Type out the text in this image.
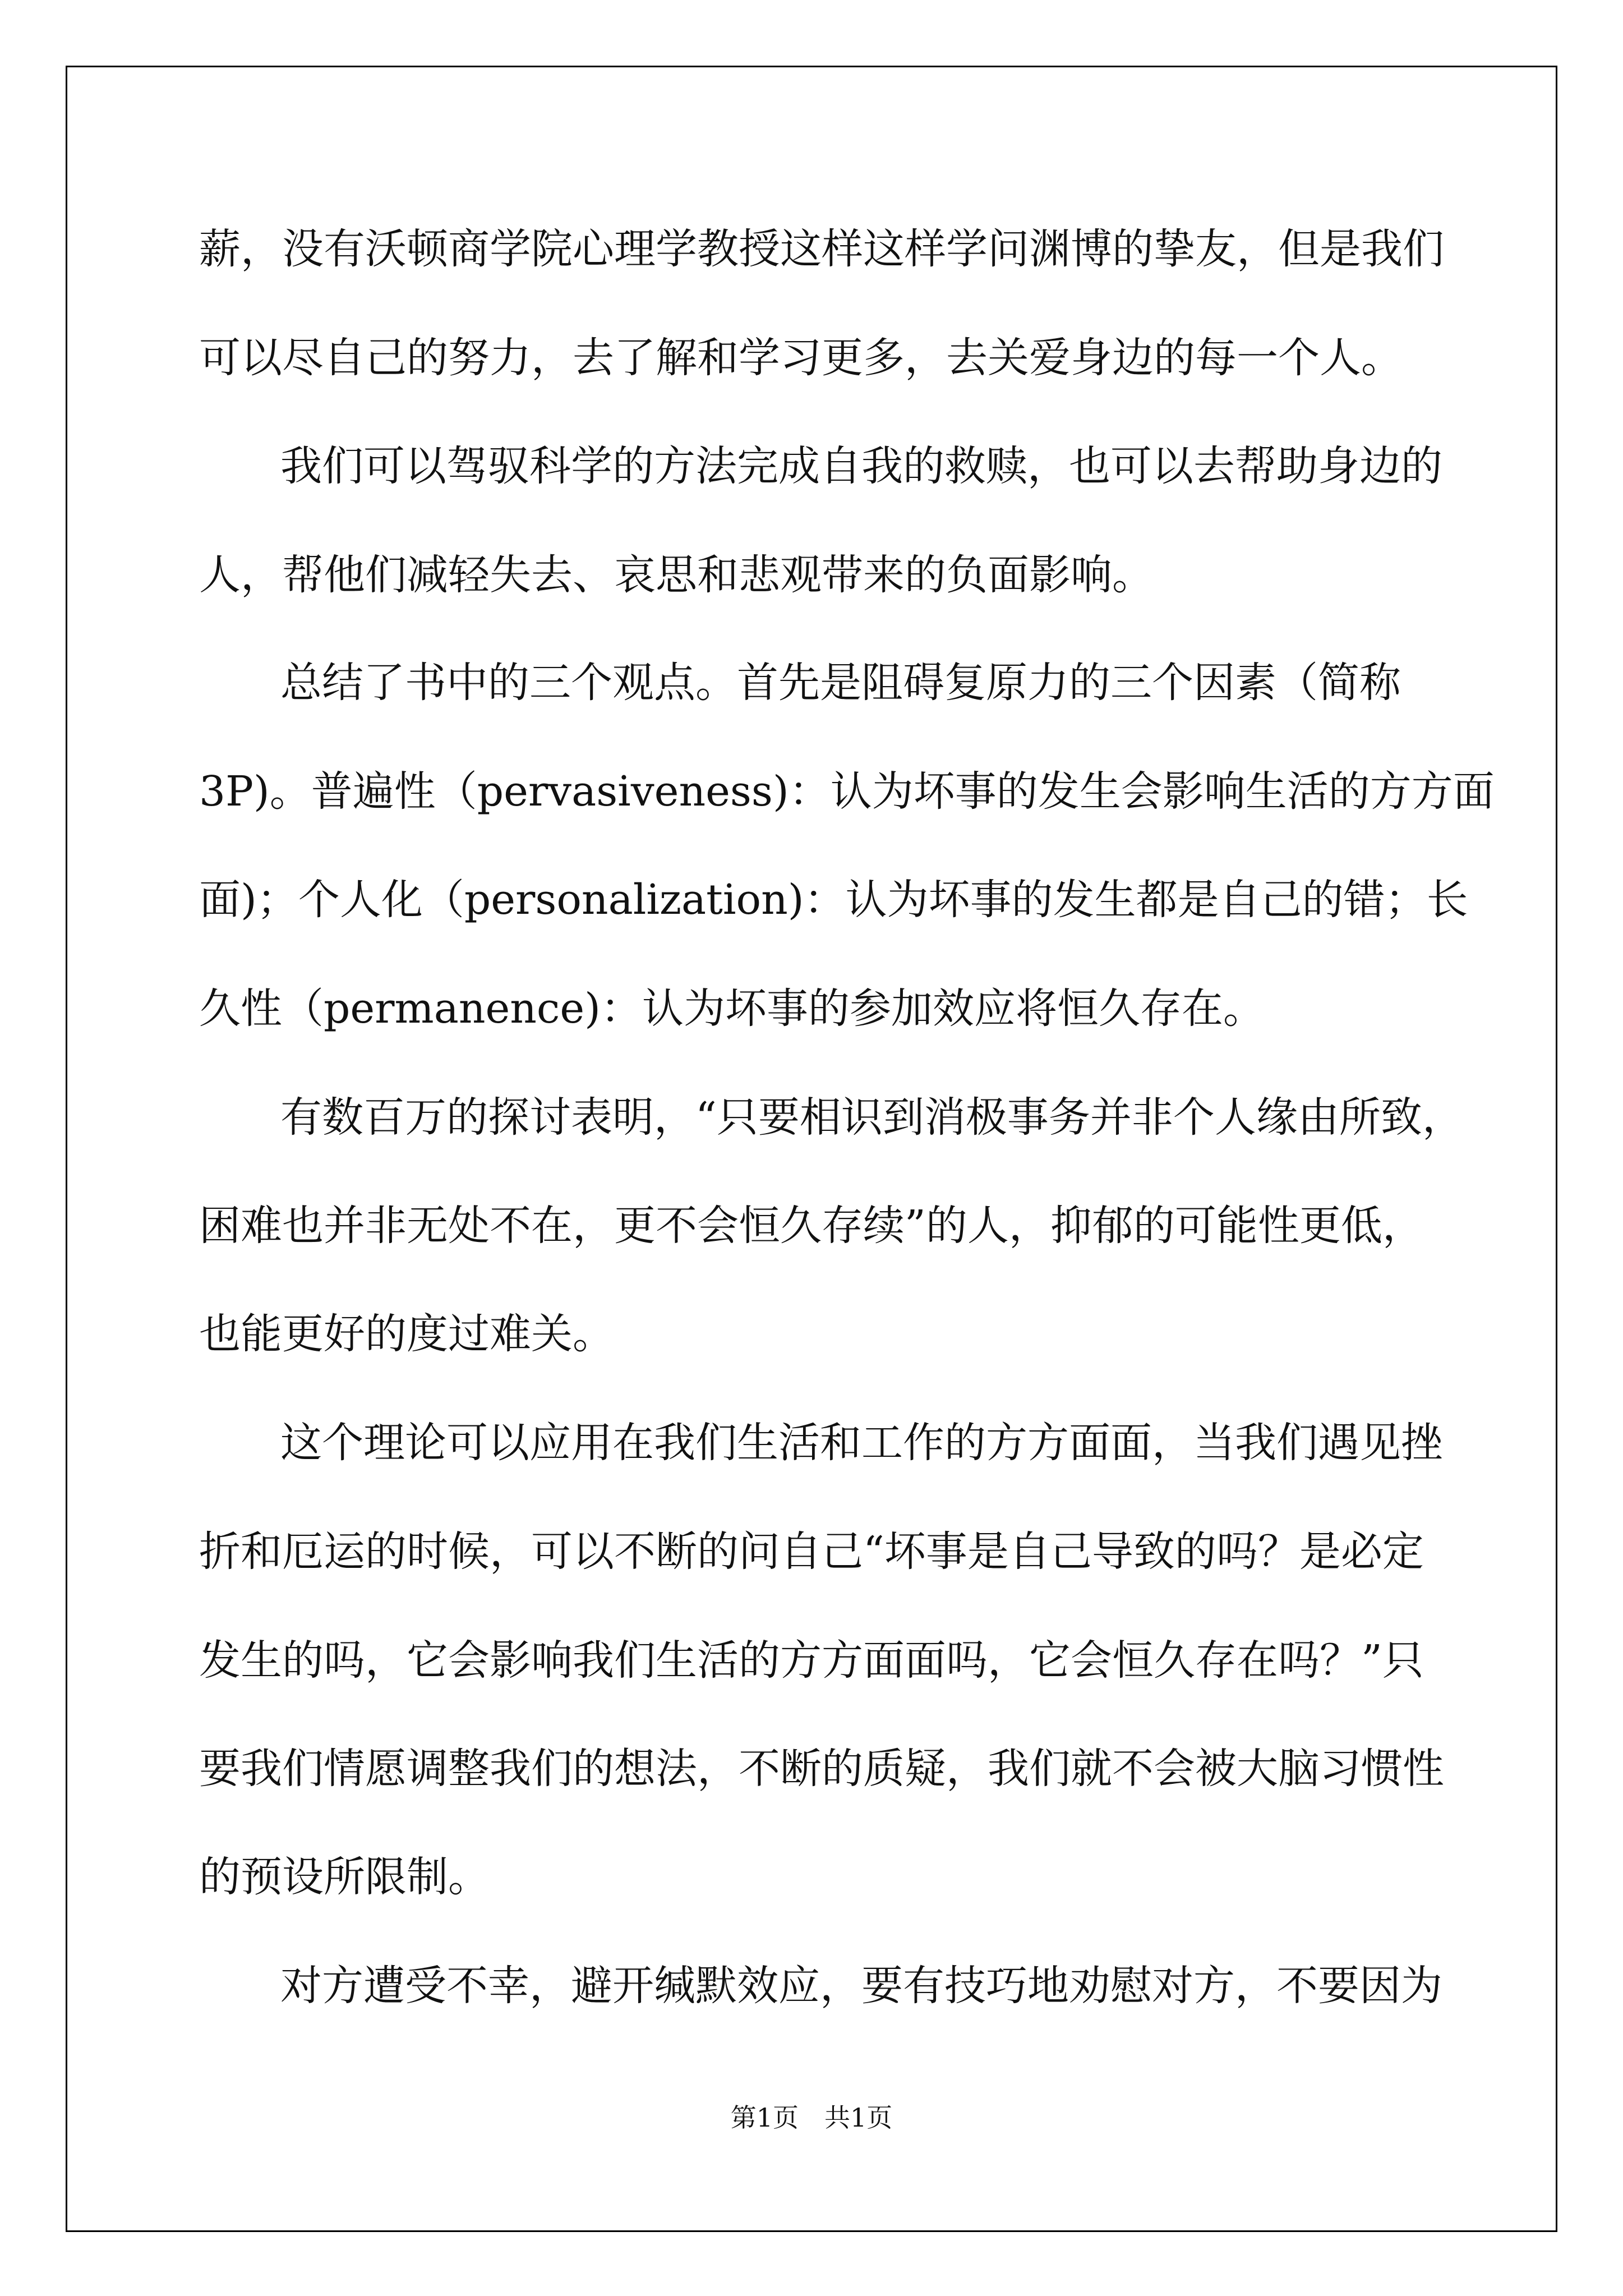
薪，没有沃顿商学院心理学教授这样这样学问渊博的挚友，但是我们
可以尽自己的努力，去了解和学习更多，去关爱身边的每一个人。
我们可以驾驭科学的方法完成自我的救赎，也可以去帮助身边的
人，帮他们减轻失去、哀思和悲观带来的负面影响。
总结了书中的三个观点。首先是阻碍复原力的三个因素（简称
3P)。普遍性（pervasiveness)：认为坏事的发生会影响生活的方方面
面)；个人化（personalization)：认为坏事的发生都是自己的错；长
久性（permanence)：认为坏事的参加效应将恒久存在。
有数百万的探讨表明，“只要相识到消极事务并非个人缘由所致，
困难也并非无处不在，更不会恒久存续”的人，抑郁的可能性更低，
也能更好的度过难关。
这个理论可以应用在我们生活和工作的方方面面，当我们遇见挫
折和厄运的时候，可以不断的问自己“坏事是自己导致的吗？是必定
发生的吗，它会影响我们生活的方方面面吗，它会恒久存在吗？”只
要我们情愿调整我们的想法，不断的质疑，我们就不会被大脑习惯性
的预设所限制。
对方遭受不幸，避开缄默效应，要有技巧地劝慰对方，不要因为
第1页　共1页
